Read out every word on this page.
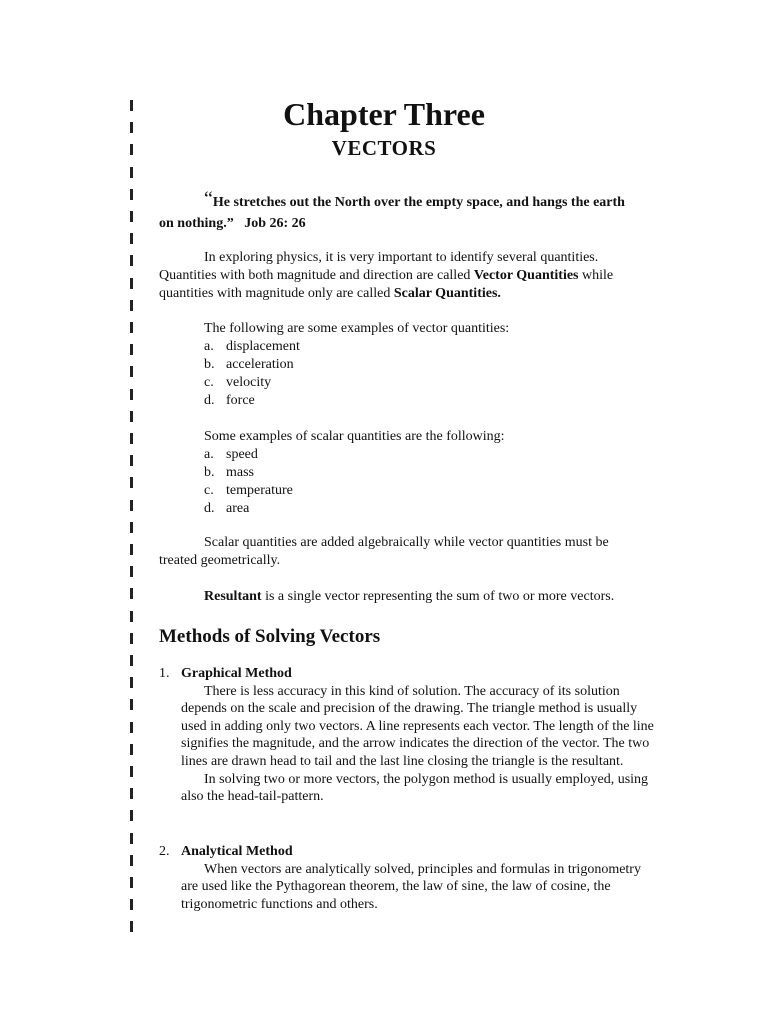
Chapter Three
VECTORS

“He stretches out the North over the empty space, and hangs the earth on nothing.” Job 26: 26

In exploring physics, it is very important to identify several quantities. Quantities with both magnitude and direction are called Vector Quantities while quantities with magnitude only are called Scalar Quantities.

The following are some examples of vector quantities:

a. displacement
b. acceleration
c. velocity
d. force

Some examples of scalar quantities are the following:

a. speed
b. mass
c. temperature
d. area

Scalar quantities are added algebraically while vector quantities must be treated geometrically.

Resultant is a single vector representing the sum of two or more vectors.

Methods of Solving Vectors

1. Graphical Method

There is less accuracy in this kind of solution. The accuracy of its solution depends on the scale and precision of the drawing. The triangle method is usually used in adding only two vectors. A line represents each vector. The length of the line signifies the magnitude, and the arrow indicates the direction of the vector. The two lines are drawn head to tail and the last line closing the triangle is the resultant.

In solving two or more vectors, the polygon method is usually employed, using also the head-tail-pattern.

2. Analytical Method

When vectors are analytically solved, principles and formulas in trigonometry are used like the Pythagorean theorem, the law of sine, the law of cosine, the trigonometric functions and others.
